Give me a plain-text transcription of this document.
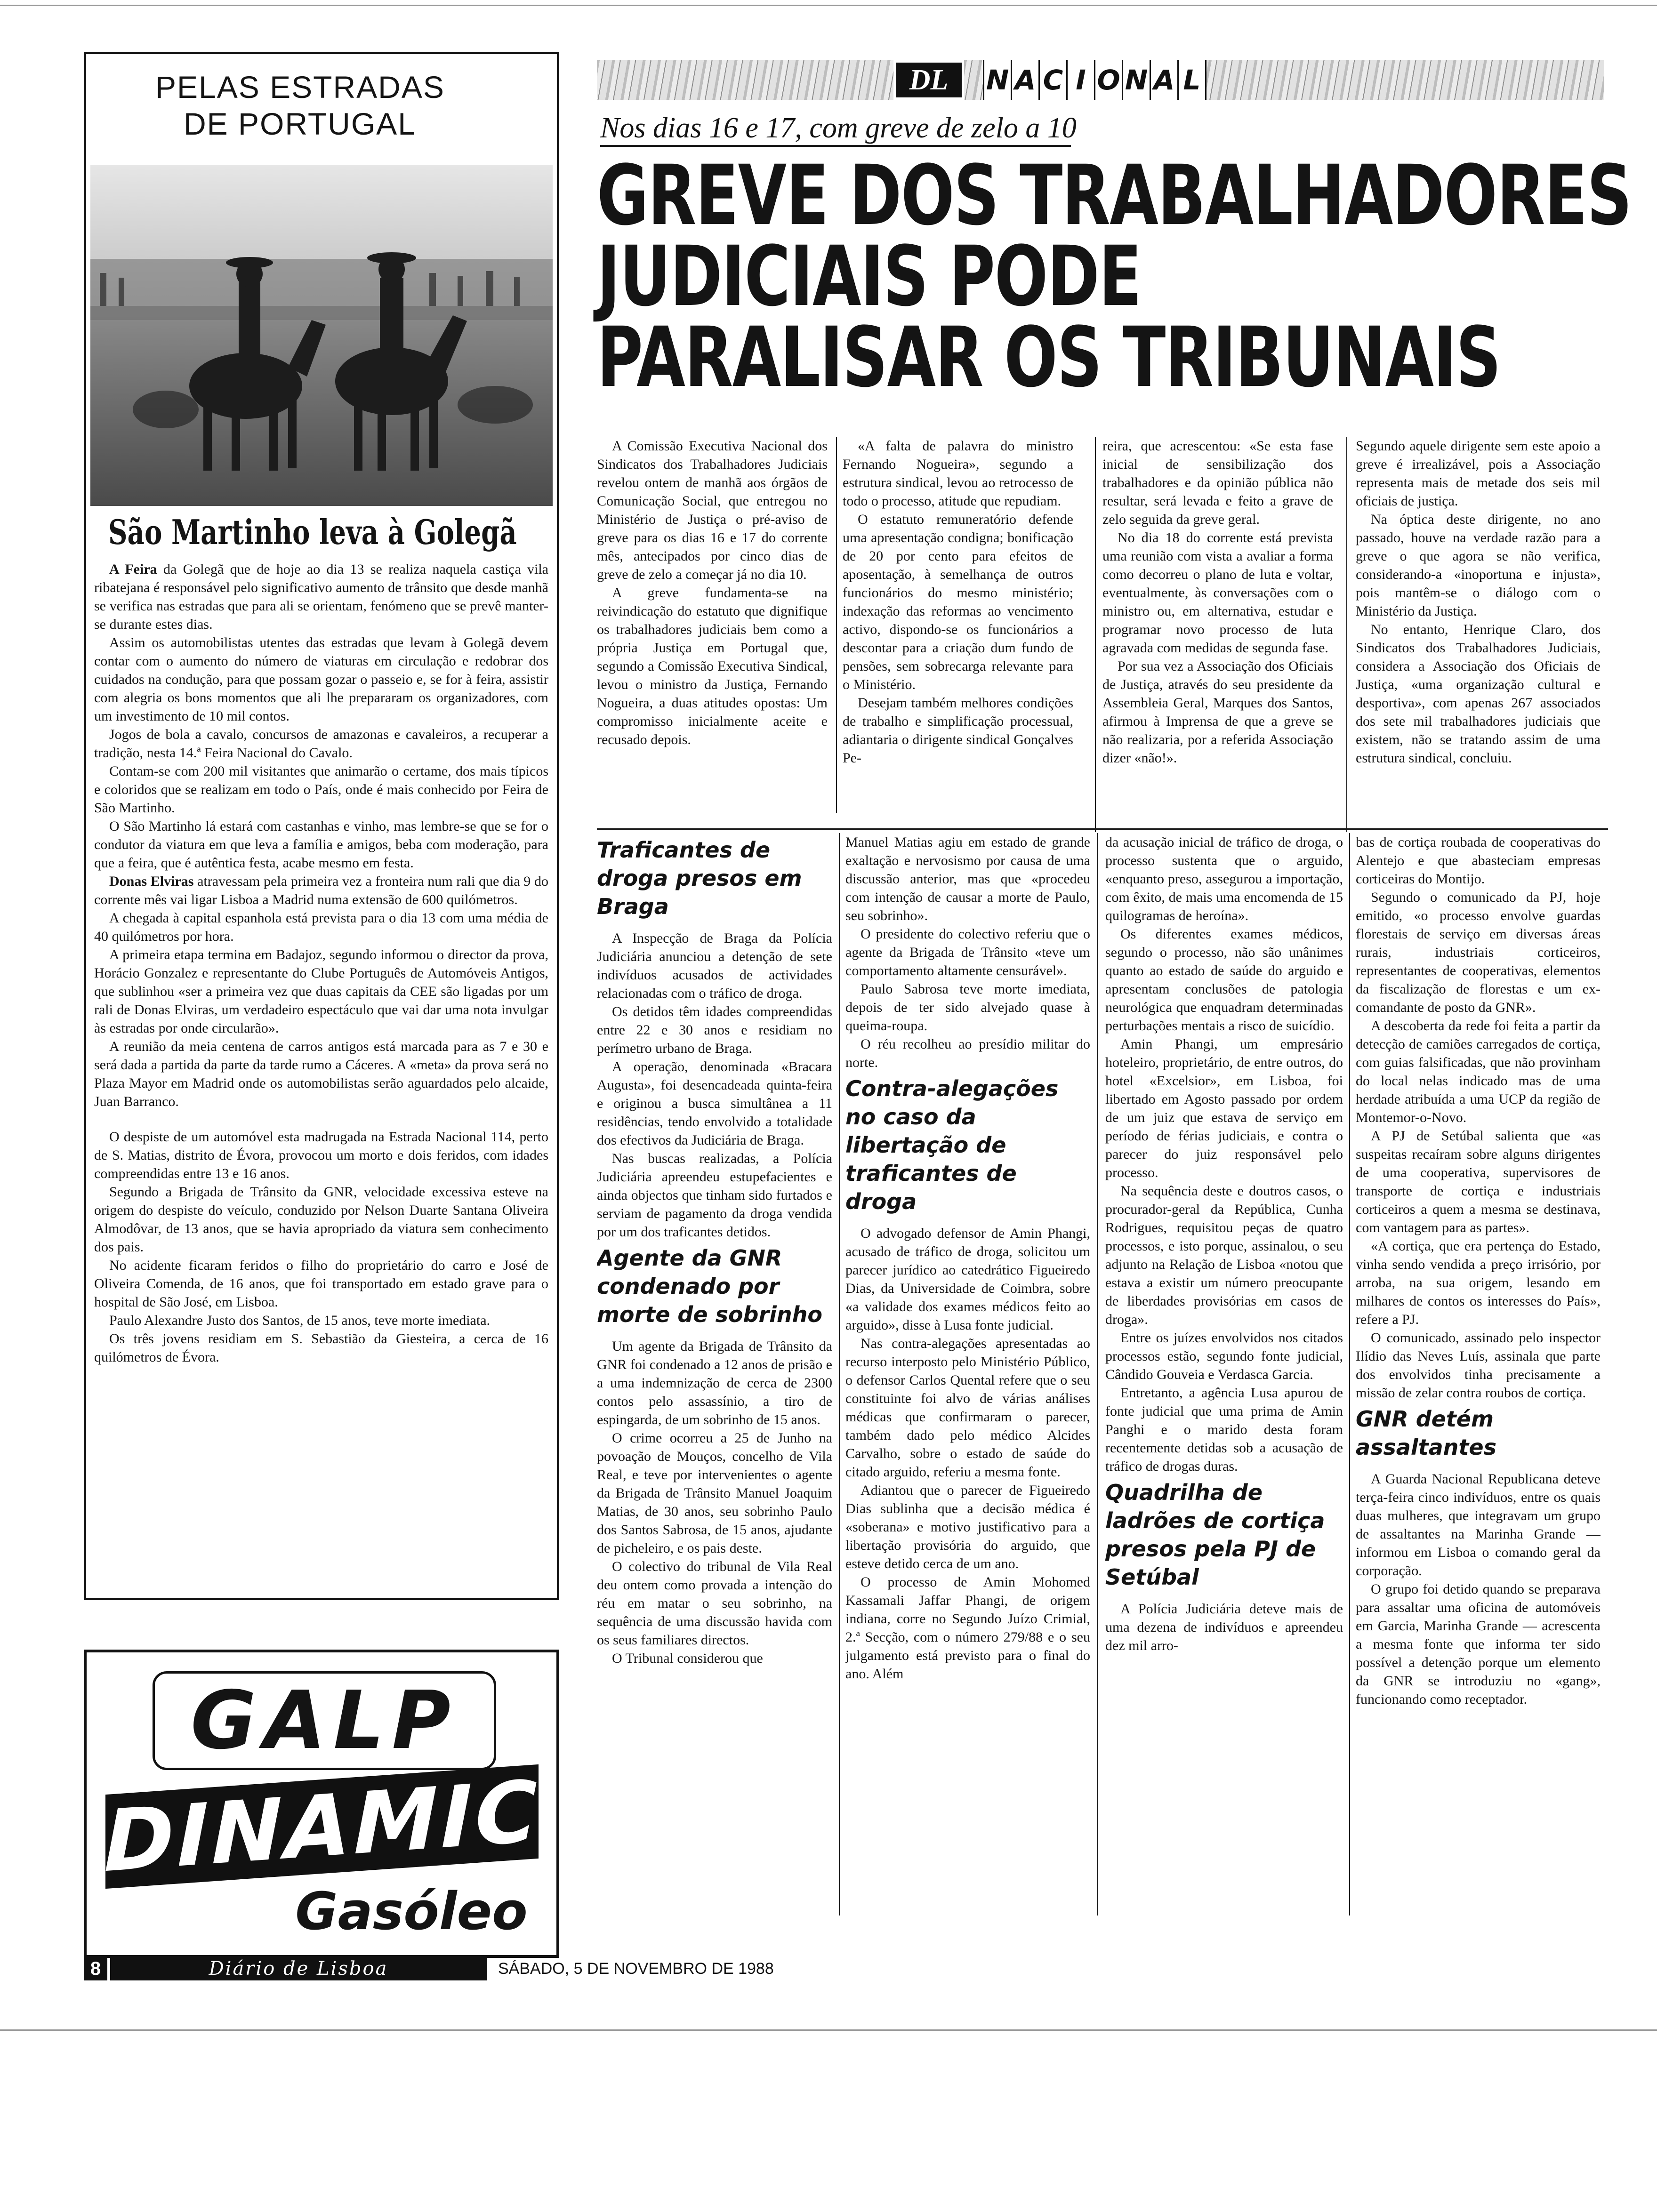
PELAS ESTRADAS
DE PORTUGAL
São Martinho leva à Golegã

A Feira da Golegã que de hoje ao dia 13 se realiza naquela castiça vila ribatejana é responsável pelo significativo aumento de trânsito que desde manhã se verifica nas estradas que para ali se orientam, fenómeno que se prevê manter-se durante estes dias.

Assim os automobilistas utentes das estradas que levam à Golegã devem contar com o aumento do número de viaturas em circulação e redobrar dos cuidados na condução, para que possam gozar o passeio e, se for à feira, assistir com alegria os bons momentos que ali lhe prepararam os organizadores, com um investimento de 10 mil contos.

Jogos de bola a cavalo, concursos de amazonas e cavaleiros, a recuperar a tradição, nesta 14.ª Feira Nacional do Cavalo.

Contam-se com 200 mil visitantes que animarão o certame, dos mais típicos e coloridos que se realizam em todo o País, onde é mais conhecido por Feira de São Martinho.

O São Martinho lá estará com castanhas e vinho, mas lembre-se que se for o condutor da viatura em que leva a família e amigos, beba com moderação, para que a feira, que é autêntica festa, acabe mesmo em festa.

Donas Elviras atravessam pela primeira vez a fronteira num rali que dia 9 do corrente mês vai ligar Lisboa a Madrid numa extensão de 600 quilómetros.

A chegada à capital espanhola está prevista para o dia 13 com uma média de 40 quilómetros por hora.

A primeira etapa termina em Badajoz, segundo informou o director da prova, Horácio Gonzalez e representante do Clube Português de Automóveis Antigos, que sublinhou «ser a primeira vez que duas capitais da CEE são ligadas por um rali de Donas Elviras, um verdadeiro espectáculo que vai dar uma nota invulgar às estradas por onde circularão».

A reunião da meia centena de carros antigos está marcada para as 7 e 30 e será dada a partida da parte da tarde rumo a Cáceres. A «meta» da prova será no Plaza Mayor em Madrid onde os automobilistas serão aguardados pelo alcaide, Juan Barranco.

O despiste de um automóvel esta madrugada na Estrada Nacional 114, perto de S. Matias, distrito de Évora, provocou um morto e dois feridos, com idades compreendidas entre 13 e 16 anos.

Segundo a Brigada de Trânsito da GNR, velocidade excessiva esteve na origem do despiste do veículo, conduzido por Nelson Duarte Santana Oliveira Almodôvar, de 13 anos, que se havia apropriado da viatura sem conhecimento dos pais.

No acidente ficaram feridos o filho do proprietário do carro e José de Oliveira Comenda, de 16 anos, que foi transportado em estado grave para o hospital de São José, em Lisboa.

Paulo Alexandre Justo dos Santos, de 15 anos, teve morte imediata.

Os três jovens residiam em S. Sebastião da Giesteira, a cerca de 16 quilómetros de Évora.

GALP
DINAMIC
Gasóleo
DL	N A C I O N A L
Nos dias 16 e 17, com greve de zelo a 10
GREVE DOS TRABALHADORES
JUDICIAIS PODE
PARALISAR OS TRIBUNAIS

A Comissão Executiva Nacional dos Sindicatos dos Trabalhadores Judiciais revelou ontem de manhã aos órgãos de Comunicação Social, que entregou no Ministério de Justiça o pré-aviso de greve para os dias 16 e 17 do corrente mês, antecipados por cinco dias de greve de zelo a começar já no dia 10.

A greve fundamenta-se na reivindicação do estatuto que dignifique os trabalhadores judiciais bem como a própria Justiça em Portugal que, segundo a Comissão Executiva Sindical, levou o ministro da Justiça, Fernando Nogueira, a duas atitudes opostas: Um compromisso inicialmente aceite e recusado depois.

«A falta de palavra do ministro Fernando Nogueira», segundo a estrutura sindical, levou ao retrocesso de todo o processo, atitude que repudiam.

O estatuto remuneratório defende uma apresentação condigna; bonificação de 20 por cento para efeitos de aposentação, à semelhança de outros funcionários do mesmo ministério; indexação das reformas ao vencimento activo, dispondo-se os funcionários a descontar para a criação dum fundo de pensões, sem sobrecarga relevante para o Ministério.

Desejam também melhores condições de trabalho e simplificação processual, adiantaria o dirigente sindical Gonçalves Pe-

reira, que acrescentou: «Se esta fase inicial de sensibilização dos trabalhadores e da opinião pública não resultar, será levada e feito a grave de zelo seguida da greve geral.

No dia 18 do corrente está prevista uma reunião com vista a avaliar a forma como decorreu o plano de luta e voltar, eventualmente, às conversações com o ministro ou, em alternativa, estudar e programar novo processo de luta agravada com medidas de segunda fase.

Por sua vez a Associação dos Oficiais de Justiça, através do seu presidente da Assembleia Geral, Marques dos Santos, afirmou à Imprensa de que a greve se não realizaria, por a referida Associação dizer «não!».

Segundo aquele dirigente sem este apoio a greve é irrealizável, pois a Associação representa mais de metade dos seis mil oficiais de justiça.

Na óptica deste dirigente, no ano passado, houve na verdade razão para a greve o que agora se não verifica, considerando-a «inoportuna e injusta», pois mantêm-se o diálogo com o Ministério da Justiça.

No entanto, Henrique Claro, dos Sindicatos dos Trabalhadores Judiciais, considera a Associação dos Oficiais de Justiça, «uma organização cultural e desportiva», com apenas 267 associados dos sete mil trabalhadores judiciais que existem, não se tratando assim de uma estrutura sindical, concluiu.

Traficantes de droga presos em Braga

A Inspecção de Braga da Polícia Judiciária anunciou a detenção de sete indivíduos acusados de actividades relacionadas com o tráfico de droga.

Os detidos têm idades compreendidas entre 22 e 30 anos e residiam no perímetro urbano de Braga.

A operação, denominada «Bracara Augusta», foi desencadeada quinta-feira e originou a busca simultânea a 11 residências, tendo envolvido a totalidade dos efectivos da Judiciária de Braga.

Nas buscas realizadas, a Polícia Judiciária apreendeu estupefacientes e ainda objectos que tinham sido furtados e serviam de pagamento da droga vendida por um dos traficantes detidos.

Agente da GNR condenado por morte de sobrinho

Um agente da Brigada de Trânsito da GNR foi condenado a 12 anos de prisão e a uma indemnização de cerca de 2300 contos pelo assassínio, a tiro de espingarda, de um sobrinho de 15 anos.

O crime ocorreu a 25 de Junho na povoação de Mouços, concelho de Vila Real, e teve por intervenientes o agente da Brigada de Trânsito Manuel Joaquim Matias, de 30 anos, seu sobrinho Paulo dos Santos Sabrosa, de 15 anos, ajudante de picheleiro, e os pais deste.

O colectivo do tribunal de Vila Real deu ontem como provada a intenção do réu em matar o seu sobrinho, na sequência de uma discussão havida com os seus familiares directos.

O Tribunal considerou que

Manuel Matias agiu em estado de grande exaltação e nervosismo por causa de uma discussão anterior, mas que «procedeu com intenção de causar a morte de Paulo, seu sobrinho».

O presidente do colectivo referiu que o agente da Brigada de Trânsito «teve um comportamento altamente censurável».

Paulo Sabrosa teve morte imediata, depois de ter sido alvejado quase à queima-roupa.

O réu recolheu ao presídio militar do norte.

Contra-alegações no caso da libertação de traficantes de droga

O advogado defensor de Amin Phangi, acusado de tráfico de droga, solicitou um parecer jurídico ao catedrático Figueiredo Dias, da Universidade de Coimbra, sobre «a validade dos exames médicos feito ao arguido», disse à Lusa fonte judicial.

Nas contra-alegações apresentadas ao recurso interposto pelo Ministério Público, o defensor Carlos Quental refere que o seu constituinte foi alvo de várias análises médicas que confirmaram o parecer, também dado pelo médico Alcides Carvalho, sobre o estado de saúde do citado arguido, referiu a mesma fonte.

Adiantou que o parecer de Figueiredo Dias sublinha que a decisão médica é «soberana» e motivo justificativo para a libertação provisória do arguido, que esteve detido cerca de um ano.

O processo de Amin Mohomed Kassamali Jaffar Phangi, de origem indiana, corre no Segundo Juízo Crimial, 2.ª Secção, com o número 279/88 e o seu julgamento está previsto para o final do ano. Além

da acusação inicial de tráfico de droga, o processo sustenta que o arguido, «enquanto preso, assegurou a importação, com êxito, de mais uma encomenda de 15 quilogramas de heroína».

Os diferentes exames médicos, segundo o processo, não são unânimes quanto ao estado de saúde do arguido e apresentam conclusões de patologia neurológica que enquadram determinadas perturbações mentais a risco de suicídio.

Amin Phangi, um empresário hoteleiro, proprietário, de entre outros, do hotel «Excelsior», em Lisboa, foi libertado em Agosto passado por ordem de um juiz que estava de serviço em período de férias judiciais, e contra o parecer do juiz responsável pelo processo.

Na sequência deste e doutros casos, o procurador-geral da República, Cunha Rodrigues, requisitou peças de quatro processos, e isto porque, assinalou, o seu adjunto na Relação de Lisboa «notou que estava a existir um número preocupante de liberdades provisórias em casos de droga».

Entre os juízes envolvidos nos citados processos estão, segundo fonte judicial, Cândido Gouveia e Verdasca Garcia.

Entretanto, a agência Lusa apurou de fonte judicial que uma prima de Amin Panghi e o marido desta foram recentemente detidas sob a acusação de tráfico de drogas duras.

Quadrilha de ladrões de cortiça presos pela PJ de Setúbal

A Polícia Judiciária deteve mais de uma dezena de indivíduos e apreendeu dez mil arro-

bas de cortiça roubada de cooperativas do Alentejo e que abasteciam empresas corticeiras do Montijo.

Segundo o comunicado da PJ, hoje emitido, «o processo envolve guardas florestais de serviço em diversas áreas rurais, industriais corticeiros, representantes de cooperativas, elementos da fiscalização de florestas e um ex-comandante de posto da GNR».

A descoberta da rede foi feita a partir da detecção de camiões carregados de cortiça, com guias falsificadas, que não provinham do local nelas indicado mas de uma herdade atribuída a uma UCP da região de Montemor-o-Novo.

A PJ de Setúbal salienta que «as suspeitas recaíram sobre alguns dirigentes de uma cooperativa, supervisores de transporte de cortiça e industriais corticeiros a quem a mesma se destinava, com vantagem para as partes».

«A cortiça, que era pertença do Estado, vinha sendo vendida a preço irrisório, por arroba, na sua origem, lesando em milhares de contos os interesses do País», refere a PJ.

O comunicado, assinado pelo inspector Ilídio das Neves Luís, assinala que parte dos envolvidos tinha precisamente a missão de zelar contra roubos de cortiça.

GNR detém assaltantes

A Guarda Nacional Republicana deteve terça-feira cinco indivíduos, entre os quais duas mulheres, que integravam um grupo de assaltantes na Marinha Grande — informou em Lisboa o comando geral da corporação.

O grupo foi detido quando se preparava para assaltar uma oficina de automóveis em Garcia, Marinha Grande — acrescenta a mesma fonte que informa ter sido possível a detenção porque um elemento da GNR se introduziu no «gang», funcionando como receptador.

8	Diário de Lisboa	SÁBADO, 5 DE NOVEMBRO DE 1988
